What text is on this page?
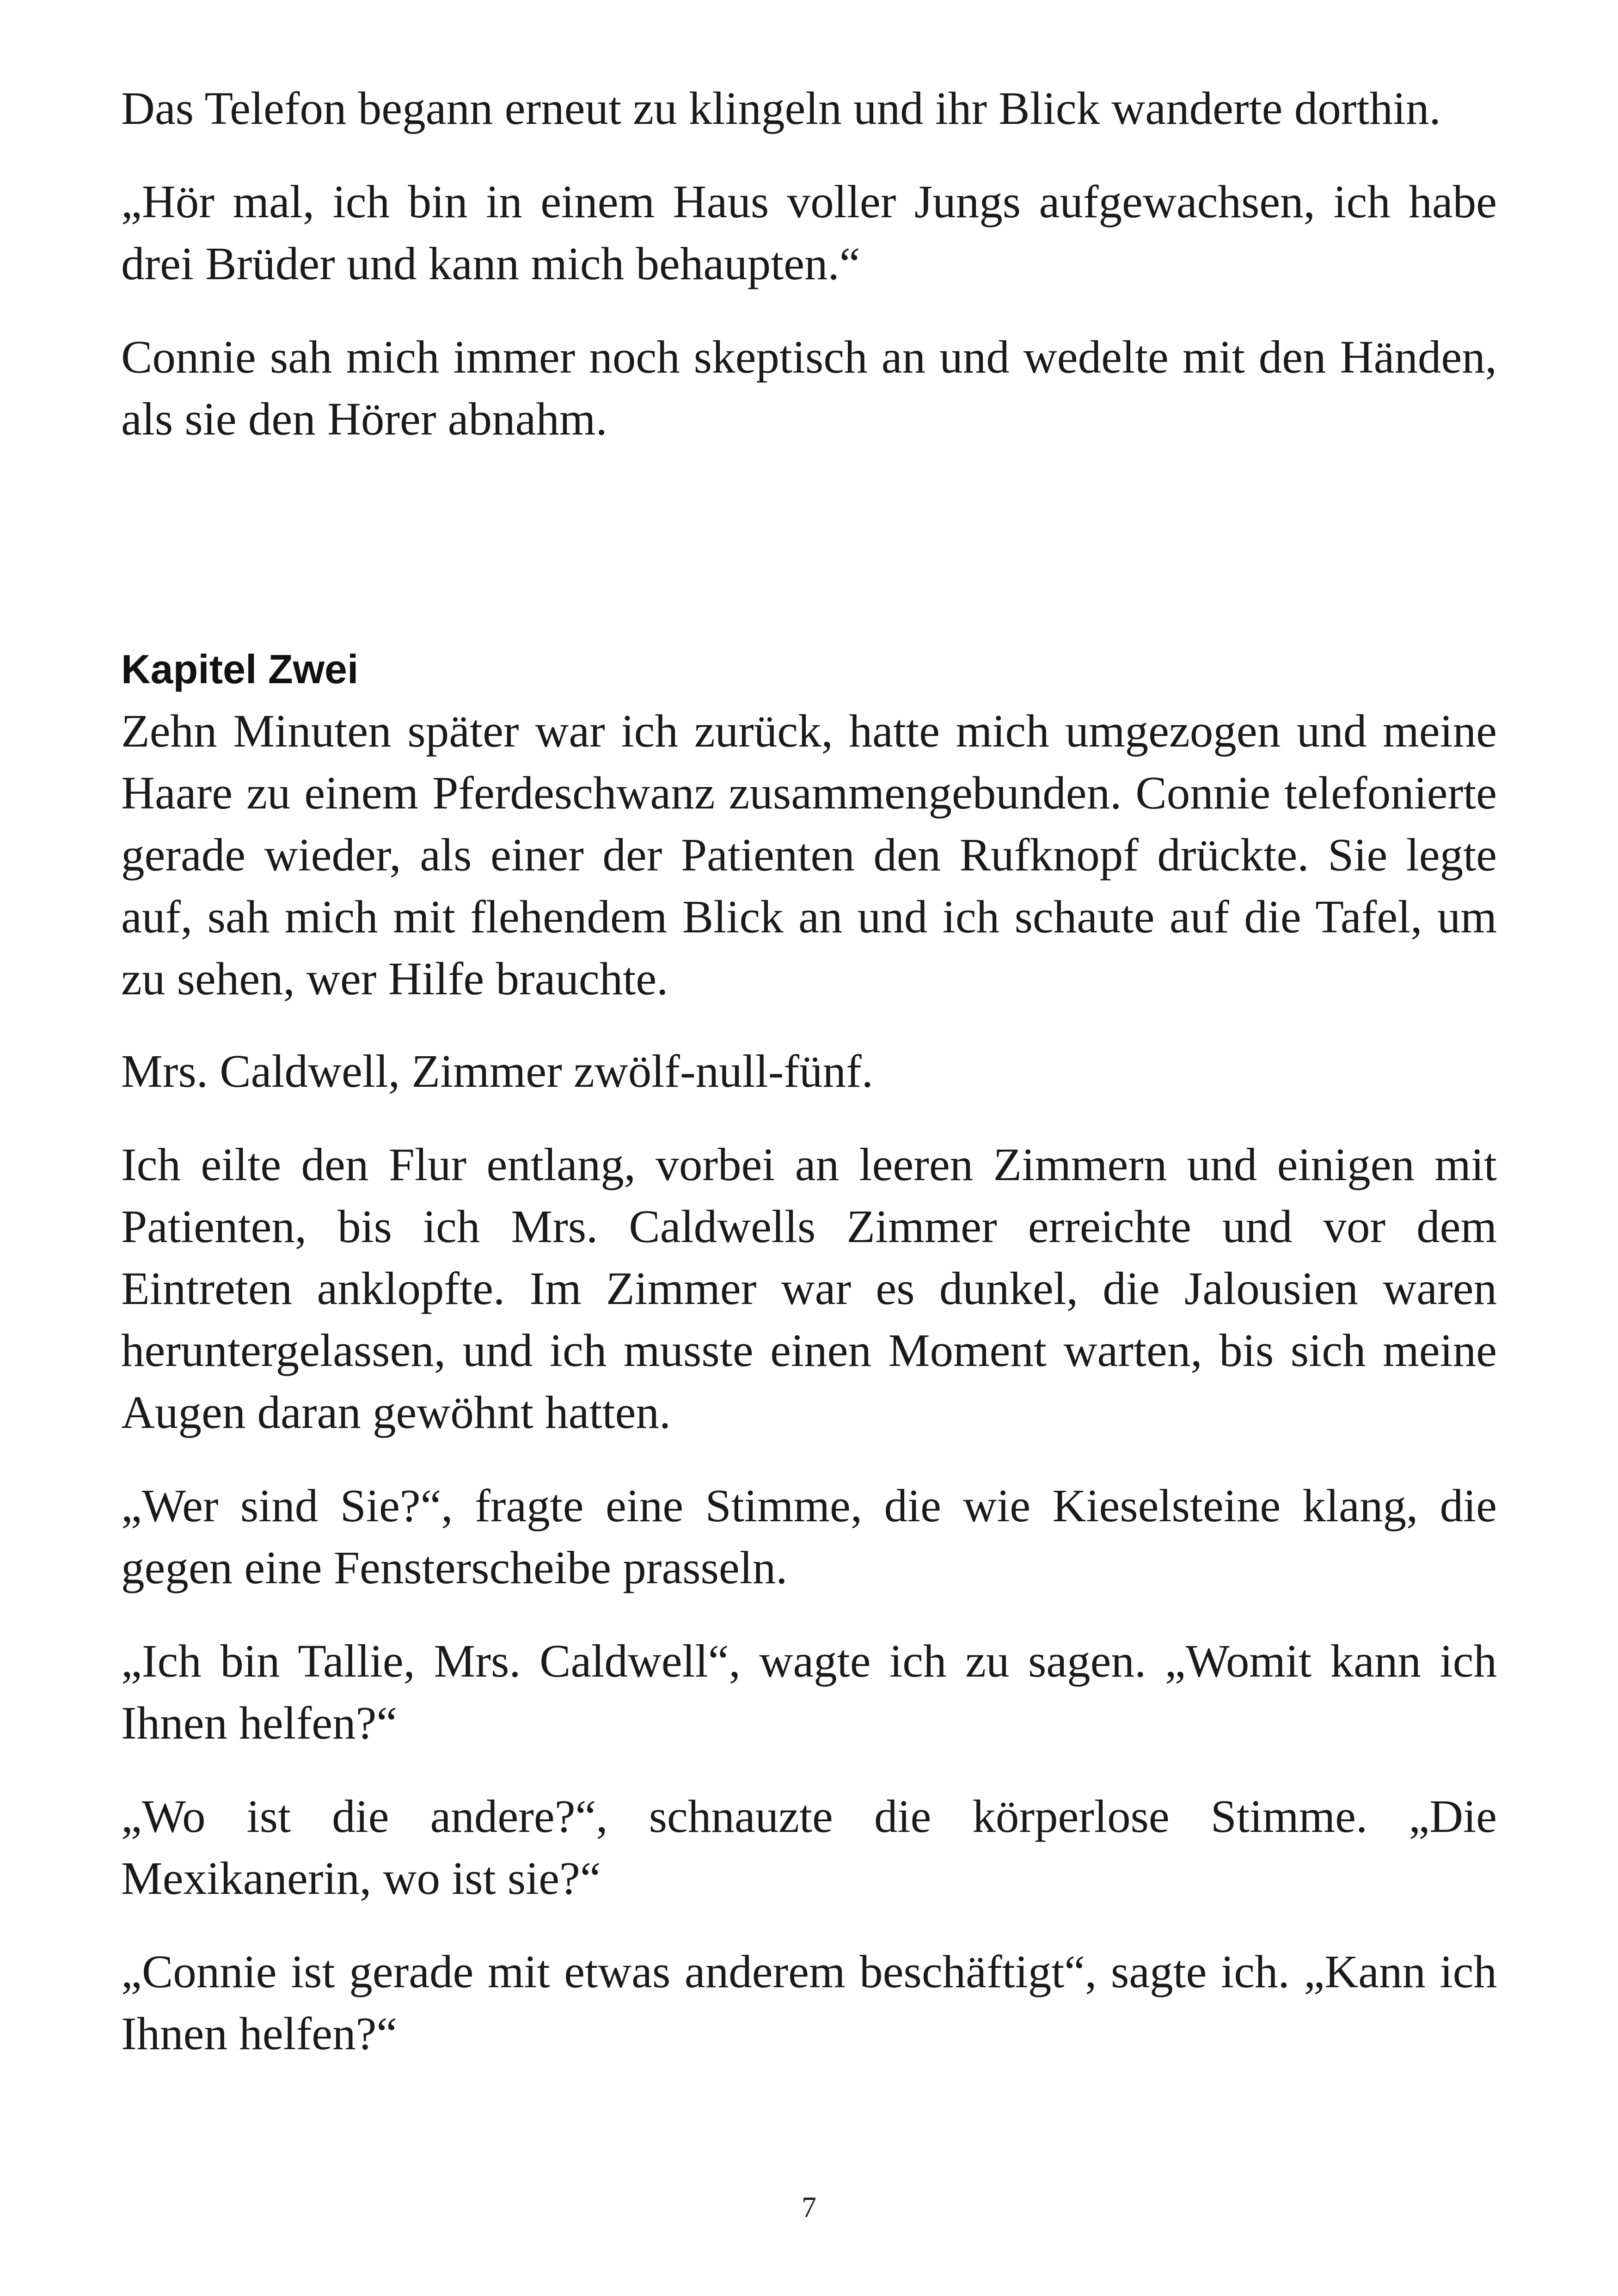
Das Telefon begann erneut zu klingeln und ihr Blick wanderte dorthin.

„Hör mal, ich bin in einem Haus voller Jungs aufgewachsen, ich habe drei Brüder und kann mich behaupten.“

Connie sah mich immer noch skeptisch an und wedelte mit den Händen, als sie den Hörer abnahm.

Kapitel Zwei

Zehn Minuten später war ich zurück, hatte mich umgezogen und meine Haare zu einem Pferdeschwanz zusammengebunden. Connie telefonierte gerade wieder, als einer der Patienten den Rufknopf drückte. Sie legte auf, sah mich mit flehendem Blick an und ich schaute auf die Tafel, um zu sehen, wer Hilfe brauchte.

Mrs. Caldwell, Zimmer zwölf-null-fünf.

Ich eilte den Flur entlang, vorbei an leeren Zimmern und einigen mit Patienten, bis ich Mrs. Caldwells Zimmer erreichte und vor dem Eintreten anklopfte. Im Zimmer war es dunkel, die Jalousien waren heruntergelassen, und ich musste einen Moment warten, bis sich meine Augen daran gewöhnt hatten.

„Wer sind Sie?“, fragte eine Stimme, die wie Kieselsteine klang, die gegen eine Fensterscheibe prasseln.

„Ich bin Tallie, Mrs. Caldwell“, wagte ich zu sagen. „Womit kann ich Ihnen helfen?“

„Wo ist die andere?“, schnauzte die körperlose Stimme. „Die Mexikanerin, wo ist sie?“

„Connie ist gerade mit etwas anderem beschäftigt“, sagte ich. „Kann ich Ihnen helfen?“

7
